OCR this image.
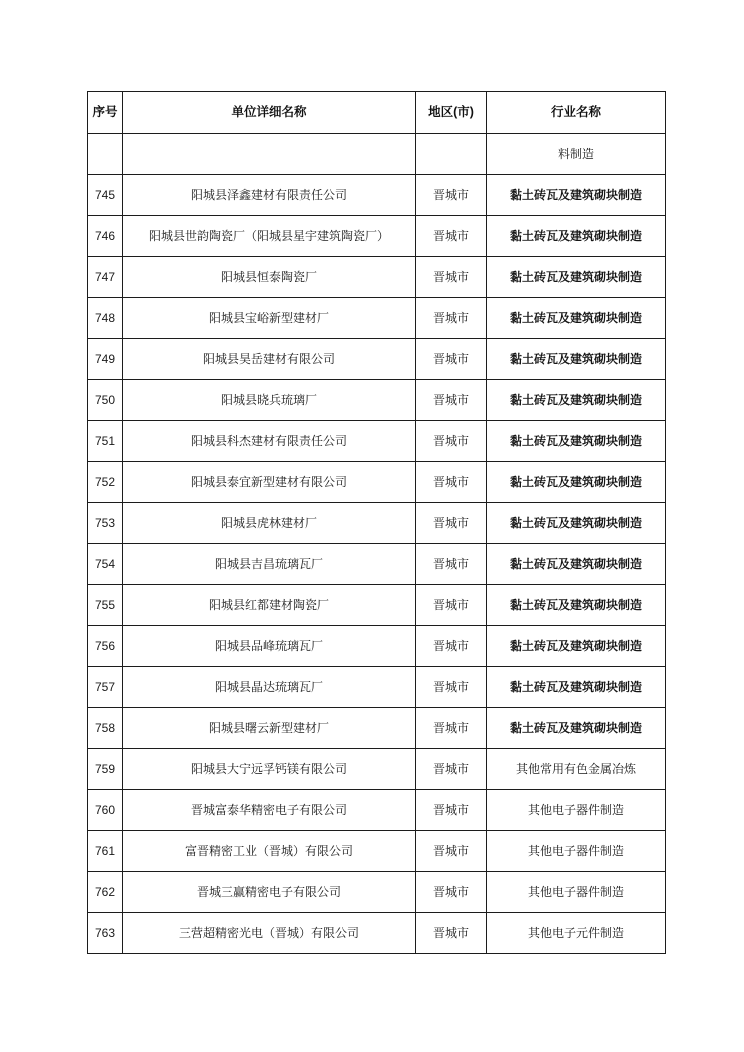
序号	单位详细名称	地区(市)	行业名称
			料制造
745	阳城县泽鑫建材有限责任公司	晋城市	黏土砖瓦及建筑砌块制造
746	阳城县世韵陶瓷厂（阳城县星宇建筑陶瓷厂）	晋城市	黏土砖瓦及建筑砌块制造
747	阳城县恒泰陶瓷厂	晋城市	黏土砖瓦及建筑砌块制造
748	阳城县宝峪新型建材厂	晋城市	黏土砖瓦及建筑砌块制造
749	阳城县昊岳建材有限公司	晋城市	黏土砖瓦及建筑砌块制造
750	阳城县晓兵琉璃厂	晋城市	黏土砖瓦及建筑砌块制造
751	阳城县科杰建材有限责任公司	晋城市	黏土砖瓦及建筑砌块制造
752	阳城县泰宜新型建材有限公司	晋城市	黏土砖瓦及建筑砌块制造
753	阳城县虎林建材厂	晋城市	黏土砖瓦及建筑砌块制造
754	阳城县吉昌琉璃瓦厂	晋城市	黏土砖瓦及建筑砌块制造
755	阳城县红都建材陶瓷厂	晋城市	黏土砖瓦及建筑砌块制造
756	阳城县品峰琉璃瓦厂	晋城市	黏土砖瓦及建筑砌块制造
757	阳城县晶达琉璃瓦厂	晋城市	黏土砖瓦及建筑砌块制造
758	阳城县曙云新型建材厂	晋城市	黏土砖瓦及建筑砌块制造
759	阳城县大宁远孚钙镁有限公司	晋城市	其他常用有色金属冶炼
760	晋城富泰华精密电子有限公司	晋城市	其他电子器件制造
761	富晋精密工业（晋城）有限公司	晋城市	其他电子器件制造
762	晋城三赢精密电子有限公司	晋城市	其他电子器件制造
763	三营超精密光电（晋城）有限公司	晋城市	其他电子元件制造
